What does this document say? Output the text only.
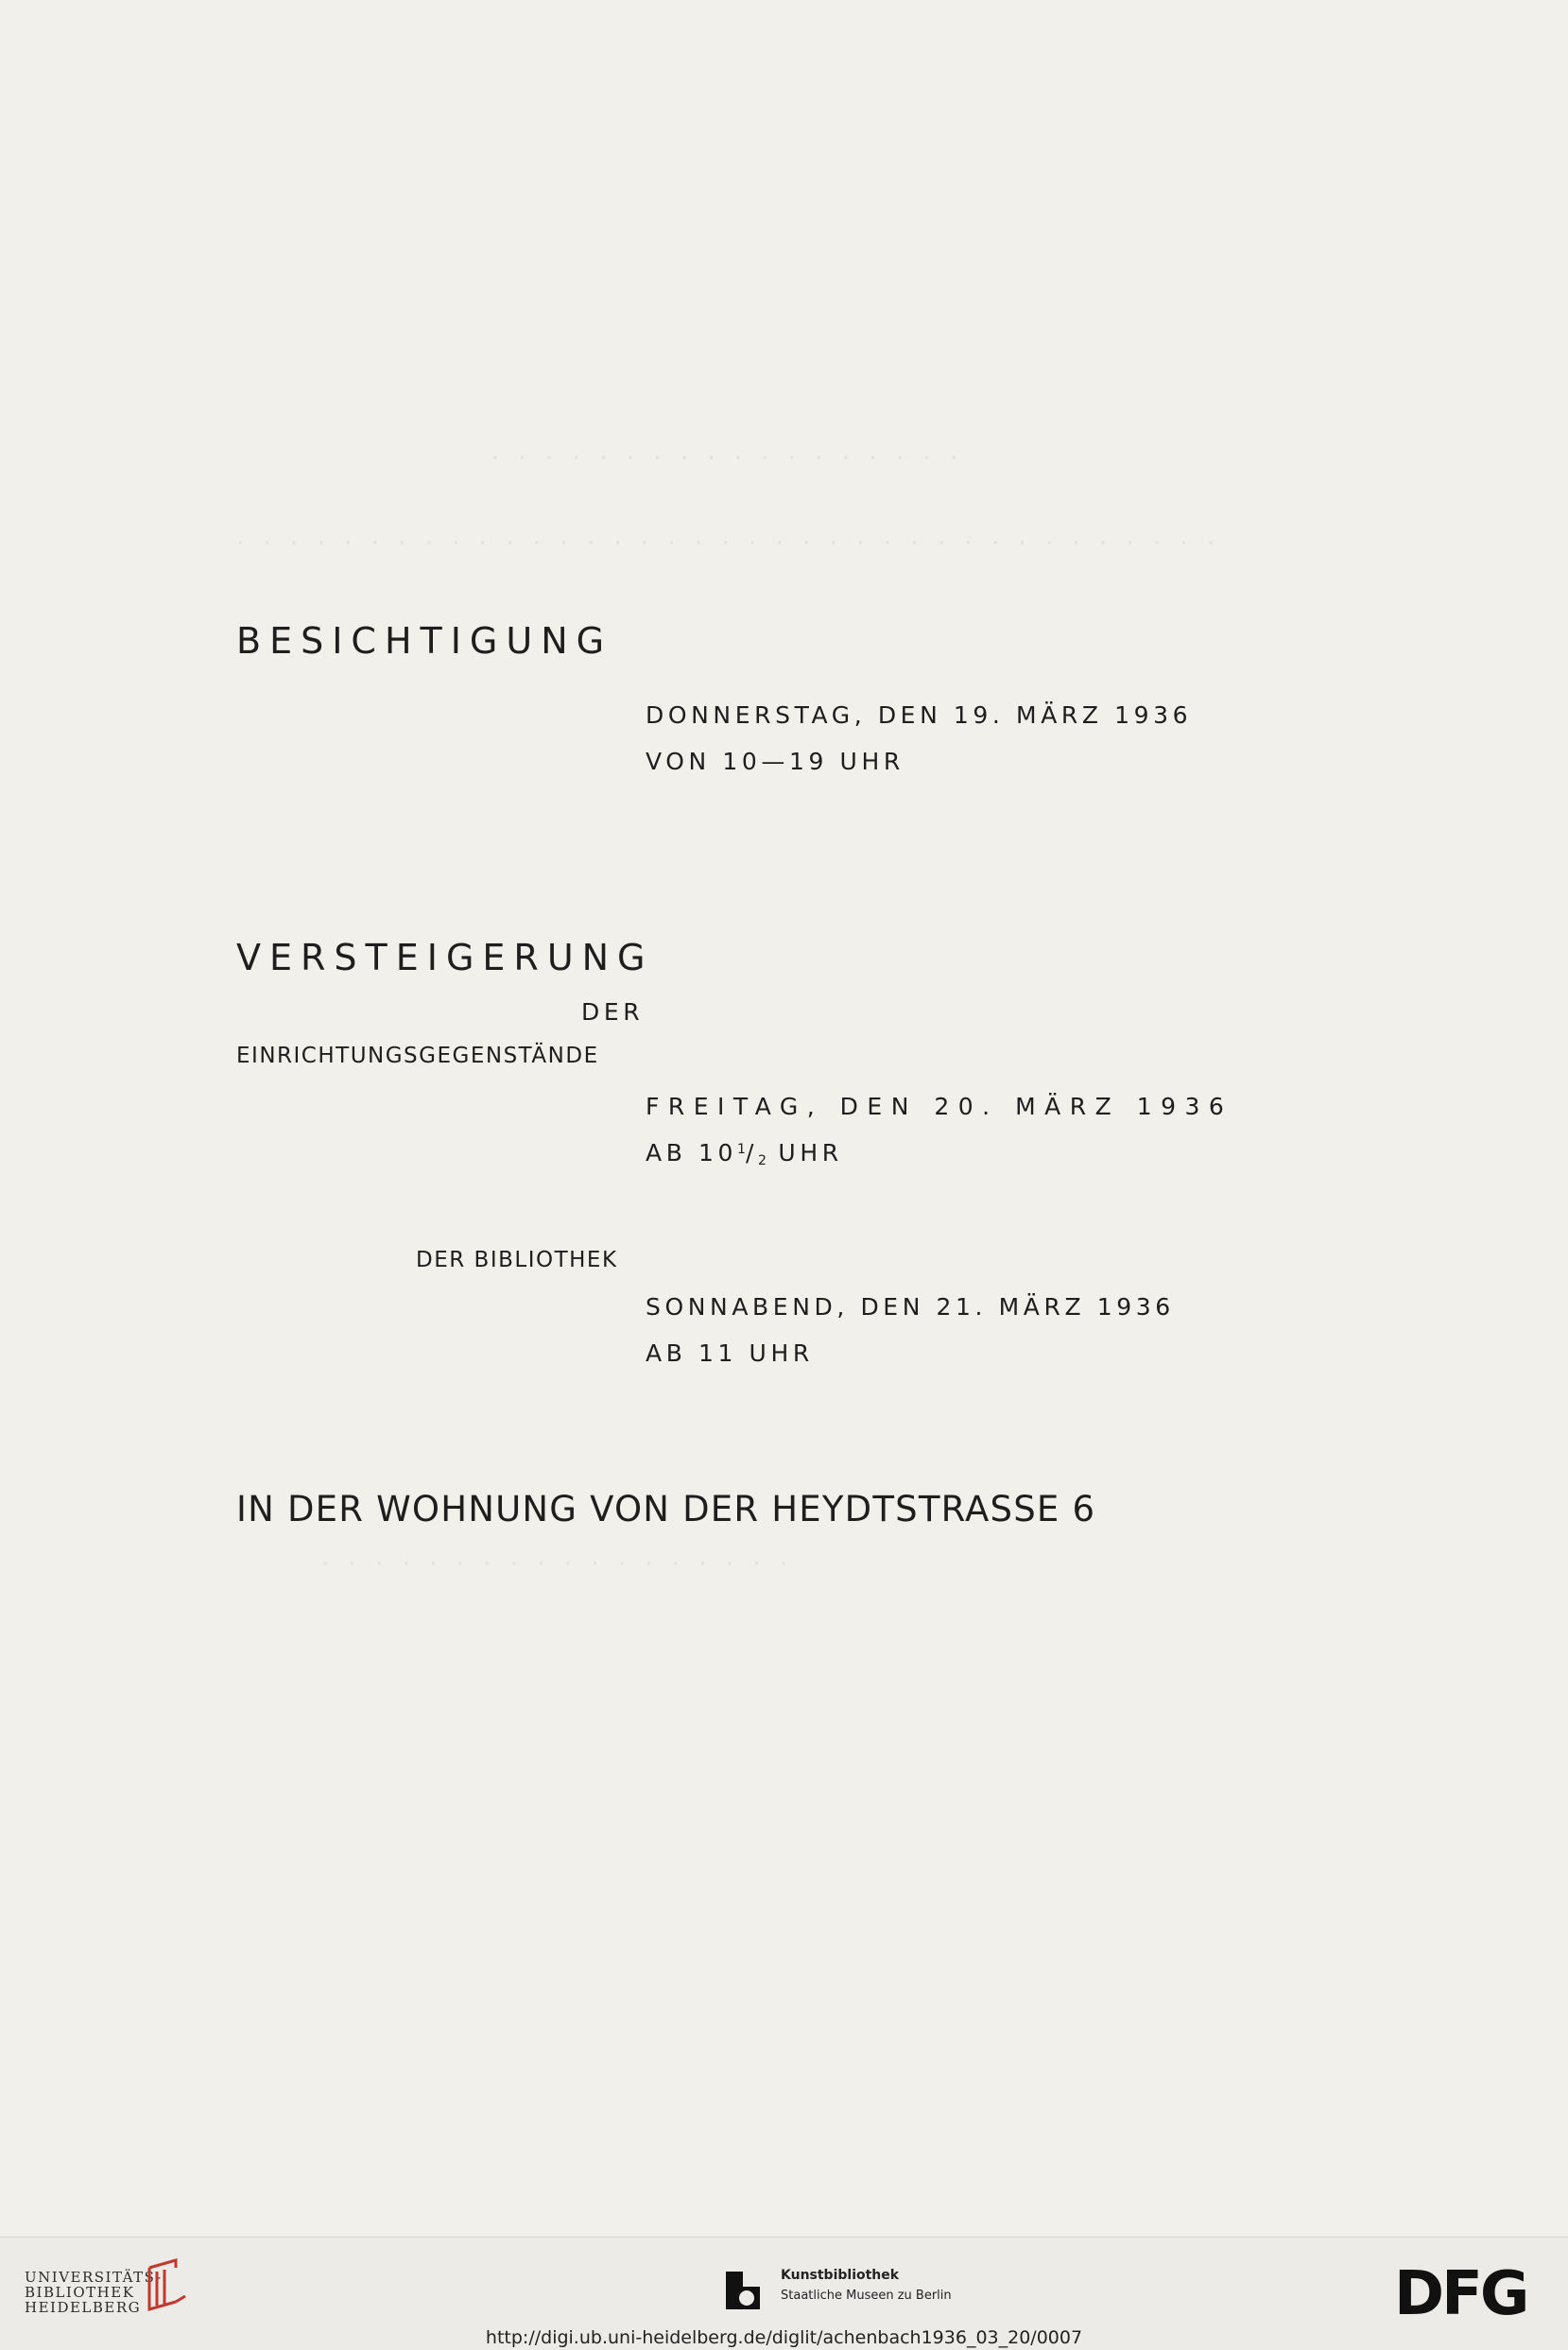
· · · · · · · · · · · · · · · · · ·
· · · · · · · · · · · · · · · · · · · · · · · · · · · · · · · · · · · · ·
· · · · · · · · · · · · · · · · · ·
BESICHTIGUNG
DONNERSTAG, DEN 19. MÄRZ 1936
VON 10—19 UHR
VERSTEIGERUNG
DER
EINRICHTUNGSGEGENSTÄNDE
FREITAG, DEN 20. MÄRZ 1936
AB $10^1/_2$ UHR
DER BIBLIOTHEK
SONNABEND, DEN 21. MÄRZ 1936
AB 11 UHR
IN DER WOHNUNG VON DER HEYDTSTRASSE 6
UNIVERSITÄTS-
BIBLIOTHEK
HEIDELBERG
Kunstbibliothek
Staatliche Museen zu Berlin	DFG
http://digi.ub.uni-heidelberg.de/diglit/achenbach1936_03_20/0007
